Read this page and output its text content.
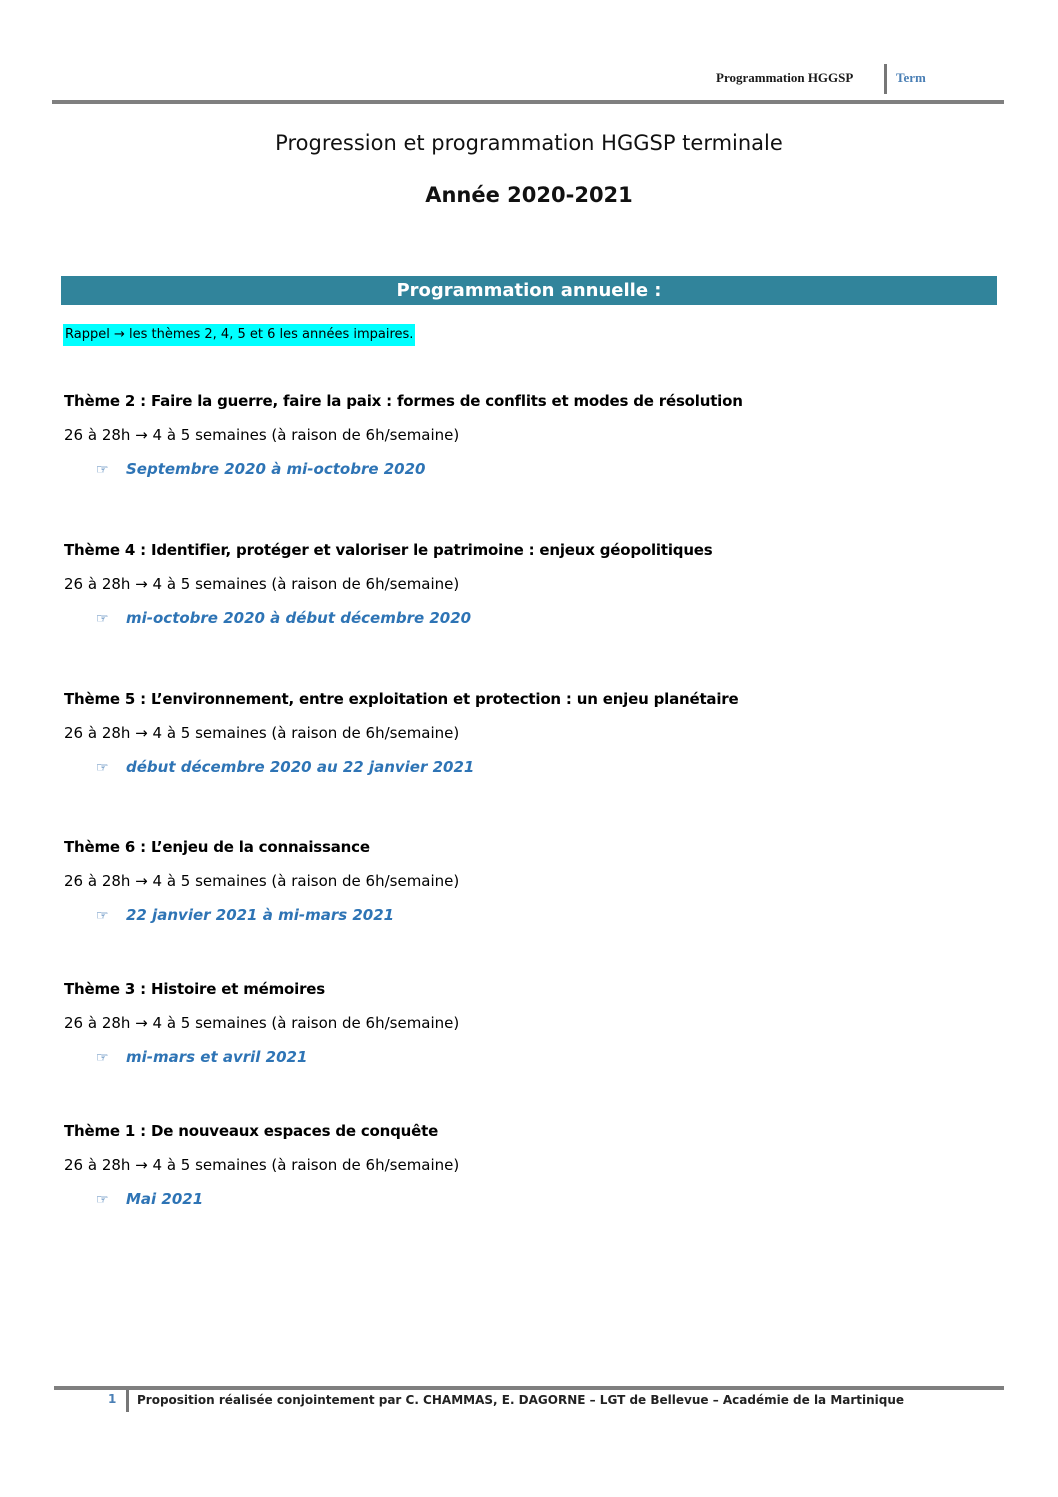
Programmation HGGSP	Term
Progression et programmation HGGSP terminale
Année 2020-2021
Programmation annuelle :
Rappel → les thèmes 2, 4, 5 et 6 les années impaires.
Thème 2 : Faire la guerre, faire la paix : formes de conflits et modes de résolution
26 à 28h → 4 à 5 semaines (à raison de 6h/semaine)
☞ Septembre 2020 à mi-octobre 2020
Thème 4 : Identifier, protéger et valoriser le patrimoine : enjeux géopolitiques
26 à 28h → 4 à 5 semaines (à raison de 6h/semaine)
☞ mi-octobre 2020 à début décembre 2020
Thème 5 : L’environnement, entre exploitation et protection : un enjeu planétaire
26 à 28h → 4 à 5 semaines (à raison de 6h/semaine)
☞ début décembre 2020 au 22 janvier 2021
Thème 6 : L’enjeu de la connaissance
26 à 28h → 4 à 5 semaines (à raison de 6h/semaine)
☞ 22 janvier 2021 à mi-mars 2021
Thème 3 : Histoire et mémoires
26 à 28h → 4 à 5 semaines (à raison de 6h/semaine)
☞ mi-mars et avril 2021
Thème 1 : De nouveaux espaces de conquête
26 à 28h → 4 à 5 semaines (à raison de 6h/semaine)
☞ Mai 2021
1 Proposition réalisée conjointement par C. CHAMMAS, E. DAGORNE – LGT de Bellevue – Académie de la Martinique
